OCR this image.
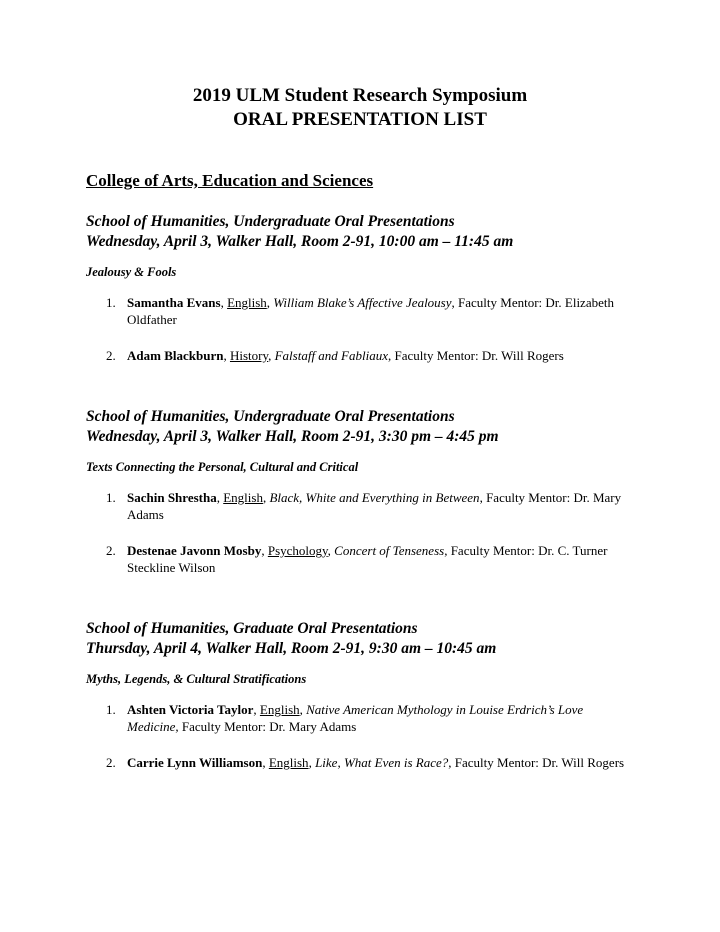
2019 ULM Student Research Symposium
ORAL PRESENTATION LIST
College of Arts, Education and Sciences
School of Humanities, Undergraduate Oral Presentations
Wednesday, April 3, Walker Hall, Room 2-91, 10:00 am – 11:45 am
Jealousy & Fools
1. Samantha Evans, English, William Blake’s Affective Jealousy, Faculty Mentor: Dr. Elizabeth Oldfather
2. Adam Blackburn, History, Falstaff and Fabliaux, Faculty Mentor: Dr. Will Rogers
School of Humanities, Undergraduate Oral Presentations
Wednesday, April 3, Walker Hall, Room 2-91, 3:30 pm – 4:45 pm
Texts Connecting the Personal, Cultural and Critical
1. Sachin Shrestha, English, Black, White and Everything in Between, Faculty Mentor: Dr. Mary Adams
2. Destenae Javonn Mosby, Psychology, Concert of Tenseness, Faculty Mentor: Dr. C. Turner Steckline Wilson
School of Humanities, Graduate Oral Presentations
Thursday, April 4, Walker Hall, Room 2-91, 9:30 am – 10:45 am
Myths, Legends, & Cultural Stratifications
1. Ashten Victoria Taylor, English, Native American Mythology in Louise Erdrich’s Love Medicine, Faculty Mentor: Dr. Mary Adams
2. Carrie Lynn Williamson, English, Like, What Even is Race?, Faculty Mentor: Dr. Will Rogers
